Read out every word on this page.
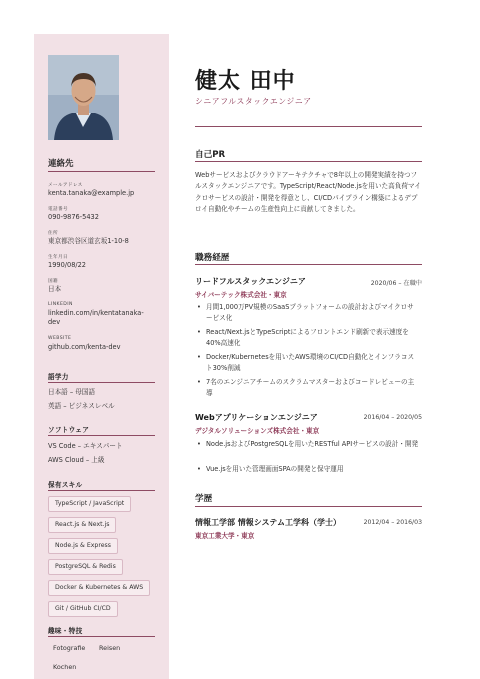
連絡先
メールアドレス
kenta.tanaka@example.jp
電話番号
090-9876-5432
住所
東京都渋谷区道玄坂1-10-8
生年月日
1990/08/22
国籍
日本
LINKEDIN
linkedin.com/in/kentatanaka-dev
WEBSITE
github.com/kenta-dev
語学力
日本語 – 母国語
英語 – ビジネスレベル
ソフトウェア
VS Code – エキスパート
AWS Cloud – 上級
保有スキル
TypeScript / JavaScript
React.js & Next.js
Node.js & Express
PostgreSQL & Redis
Docker & Kubernetes & AWS
Git / GitHub CI/CD
趣味・特技
Fotografie Reisen
Kochen
健太 田中
シニアフルスタックエンジニア
自己PR
Webサービスおよびクラウドアーキテクチャで8年以上の開発実績を持つフルスタックエンジニアです。TypeScript/React/Node.jsを用いた高負荷マイクロサービスの設計・開発を得意とし、CI/CDパイプライン構築によるデプロイ自動化やチームの生産性向上に貢献してきました。
職務経歴
リードフルスタックエンジニア	2020/06 – 在職中
サイバーテック株式会社・東京
• 月間1,000万PV規模のSaaSプラットフォームの設計およびマイクロサービス化
• React/Next.jsとTypeScriptによるフロントエンド刷新で表示速度を40%高速化
• Docker/Kubernetesを用いたAWS環境のCI/CD自動化とインフラコスト30%削減
• 7名のエンジニアチームのスクラムマスターおよびコードレビューの主導
Webアプリケーションエンジニア	2016/04 – 2020/05
デジタルソリューションズ株式会社・東京
• Node.jsおよびPostgreSQLを用いたRESTful APIサービスの設計・開発
• Vue.jsを用いた管理画面SPAの開発と保守運用
学歴
情報工学部 情報システム工学科（学士）	2012/04 – 2016/03
東京工業大学・東京
